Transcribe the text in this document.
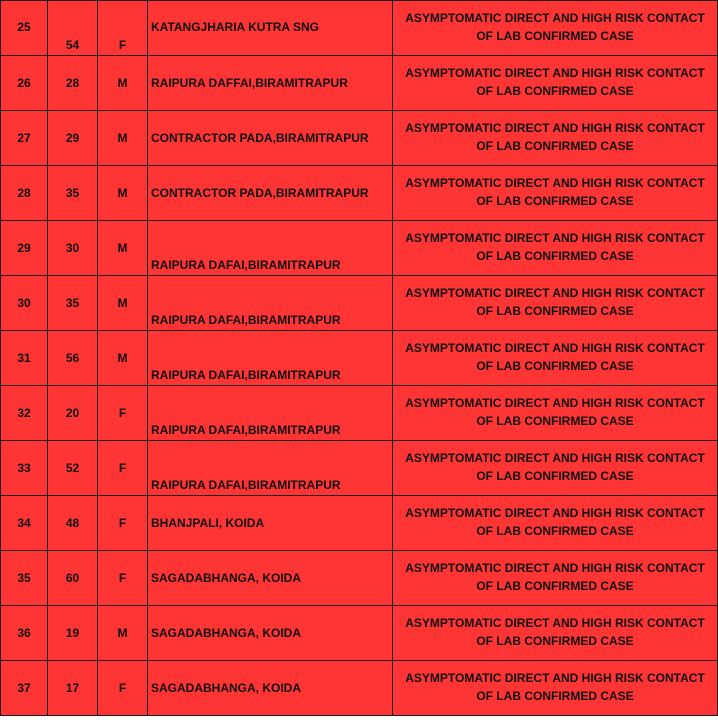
25	54	F	KATANGJHARIA KUTRA SNG	ASYMPTOMATIC DIRECT AND HIGH RISK CONTACT OF LAB CONFIRMED CASE
26	28	M	RAIPURA DAFFAI,BIRAMITRAPUR	ASYMPTOMATIC DIRECT AND HIGH RISK CONTACT OF LAB CONFIRMED CASE
27	29	M	CONTRACTOR PADA,BIRAMITRAPUR	ASYMPTOMATIC DIRECT AND HIGH RISK CONTACT OF LAB CONFIRMED CASE
28	35	M	CONTRACTOR PADA,BIRAMITRAPUR	ASYMPTOMATIC DIRECT AND HIGH RISK CONTACT OF LAB CONFIRMED CASE
29	30	M	RAIPURA DAFAI,BIRAMITRAPUR	ASYMPTOMATIC DIRECT AND HIGH RISK CONTACT OF LAB CONFIRMED CASE
30	35	M	RAIPURA DAFAI,BIRAMITRAPUR	ASYMPTOMATIC DIRECT AND HIGH RISK CONTACT OF LAB CONFIRMED CASE
31	56	M	RAIPURA DAFAI,BIRAMITRAPUR	ASYMPTOMATIC DIRECT AND HIGH RISK CONTACT OF LAB CONFIRMED CASE
32	20	F	RAIPURA DAFAI,BIRAMITRAPUR	ASYMPTOMATIC DIRECT AND HIGH RISK CONTACT OF LAB CONFIRMED CASE
33	52	F	RAIPURA DAFAI,BIRAMITRAPUR	ASYMPTOMATIC DIRECT AND HIGH RISK CONTACT OF LAB CONFIRMED CASE
34	48	F	BHANJPALI, KOIDA	ASYMPTOMATIC DIRECT AND HIGH RISK CONTACT OF LAB CONFIRMED CASE
35	60	F	SAGADABHANGA, KOIDA	ASYMPTOMATIC DIRECT AND HIGH RISK CONTACT OF LAB CONFIRMED CASE
36	19	M	SAGADABHANGA, KOIDA	ASYMPTOMATIC DIRECT AND HIGH RISK CONTACT OF LAB CONFIRMED CASE
37	17	F	SAGADABHANGA, KOIDA	ASYMPTOMATIC DIRECT AND HIGH RISK CONTACT OF LAB CONFIRMED CASE
